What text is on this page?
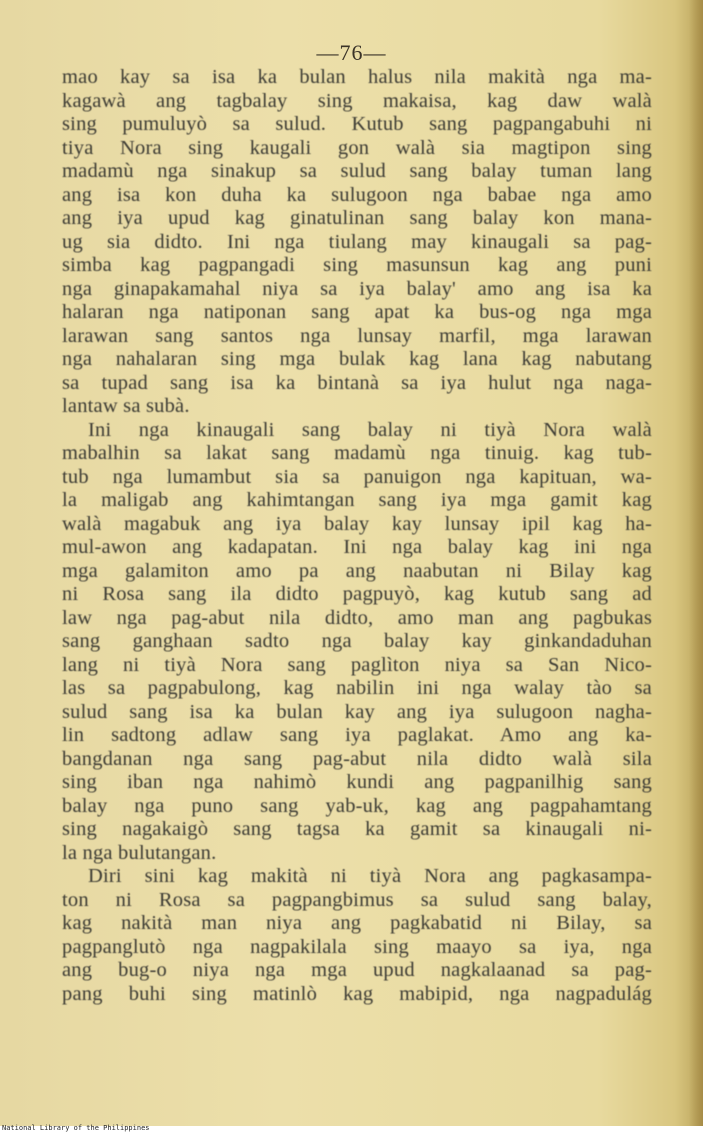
—76—
mao kay sa isa ka bulan halus nila makità nga ma-
kagawà ang tagbalay sing makaisa, kag daw walà
sing pumuluyò sa sulud. Kutub sang pagpangabuhi ni
tiya Nora sing kaugali gon walà sia magtipon sing
madamù nga sinakup sa sulud sang balay tuman lang
ang isa kon duha ka sulugoon nga babae nga amo
ang iya upud kag ginatulinan sang balay kon mana-
ug sia didto. Ini nga tiulang may kinaugali sa pag-
simba kag pagpangadi sing masunsun kag ang puni
nga ginapakamahal niya sa iya balay' amo ang isa ka
halaran nga natiponan sang apat ka bus-og nga mga
larawan sang santos nga lunsay marfil, mga larawan
nga nahalaran sing mga bulak kag lana kag nabutang
sa tupad sang isa ka bintanà sa iya hulut nga naga-
lantaw sa subà.
Ini nga kinaugali sang balay ni tiyà Nora walà
mabalhin sa lakat sang madamù nga tinuig. kag tub-
tub nga lumambut sia sa panuigon nga kapituan, wa-
la maligab ang kahimtangan sang iya mga gamit kag
walà magabuk ang iya balay kay lunsay ipil kag ha-
mul-awon ang kadapatan. Ini nga balay kag ini nga
mga galamiton amo pa ang naabutan ni Bilay kag
ni Rosa sang ila didto pagpuyò, kag kutub sang ad
law nga pag-abut nila didto, amo man ang pagbukas
sang ganghaan sadto nga balay kay ginkandaduhan
lang ni tiyà Nora sang paglìton niya sa San Nico-
las sa pagpabulong, kag nabilin ini nga walay tào sa
sulud sang isa ka bulan kay ang iya sulugoon nagha-
lin sadtong adlaw sang iya paglakat. Amo ang ka-
bangdanan nga sang pag-abut nila didto walà sila
sing iban nga nahimò kundi ang pagpanilhig sang
balay nga puno sang yab-uk, kag ang pagpahamtang
sing nagakaigò sang tagsa ka gamit sa kinaugali ni-
la nga bulutangan.
Diri sini kag makità ni tiyà Nora ang pagkasampa-
ton ni Rosa sa pagpangbimus sa sulud sang balay,
kag nakità man niya ang pagkabatid ni Bilay, sa
pagpanglutò nga nagpakilala sing maayo sa iya, nga
ang bug-o niya nga mga upud nagkalaanad sa pag-
pang buhi sing matinlò kag mabipid, nga nagpadulág
National Library of the Philippines
